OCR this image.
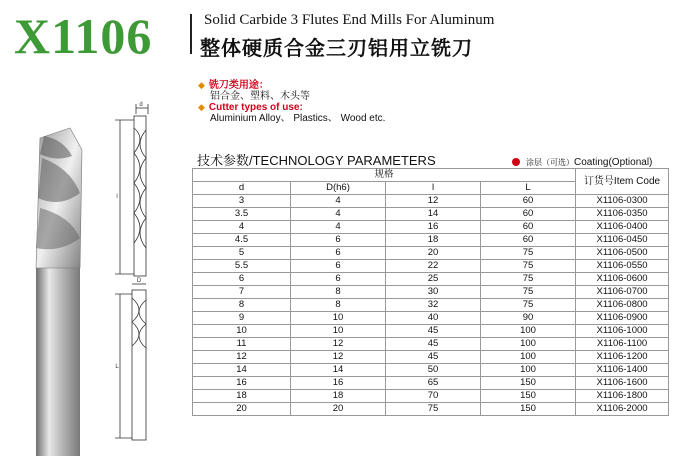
X1106	Solid Carbide 3 Flutes End Mills For Aluminum
整体硬质合金三刃铝用立铣刀
◆ 铣刀类用途：
铝合金、塑料、木头等
◆ Cutter types of use:
Aluminium Alloy、 Plastics、 Wood etc.
d
l
L
D
技术参数/TECHNOLOGY PARAMETERS	涂层（可选）Coating(Optional)
规格				订货号Item Code
d	D(h6)	l	L	
3	4	12	60	X1106-0300
3.5	4	14	60	X1106-0350
4	4	16	60	X1106-0400
4.5	6	18	60	X1106-0450
5	6	20	75	X1106-0500
5.5	6	22	75	X1106-0550
6	6	25	75	X1106-0600
7	8	30	75	X1106-0700
8	8	32	75	X1106-0800
9	10	40	90	X1106-0900
10	10	45	100	X1106-1000
11	12	45	100	X1106-1100
12	12	45	100	X1106-1200
14	14	50	100	X1106-1400
16	16	65	150	X1106-1600
18	18	70	150	X1106-1800
20	20	75	150	X1106-2000
